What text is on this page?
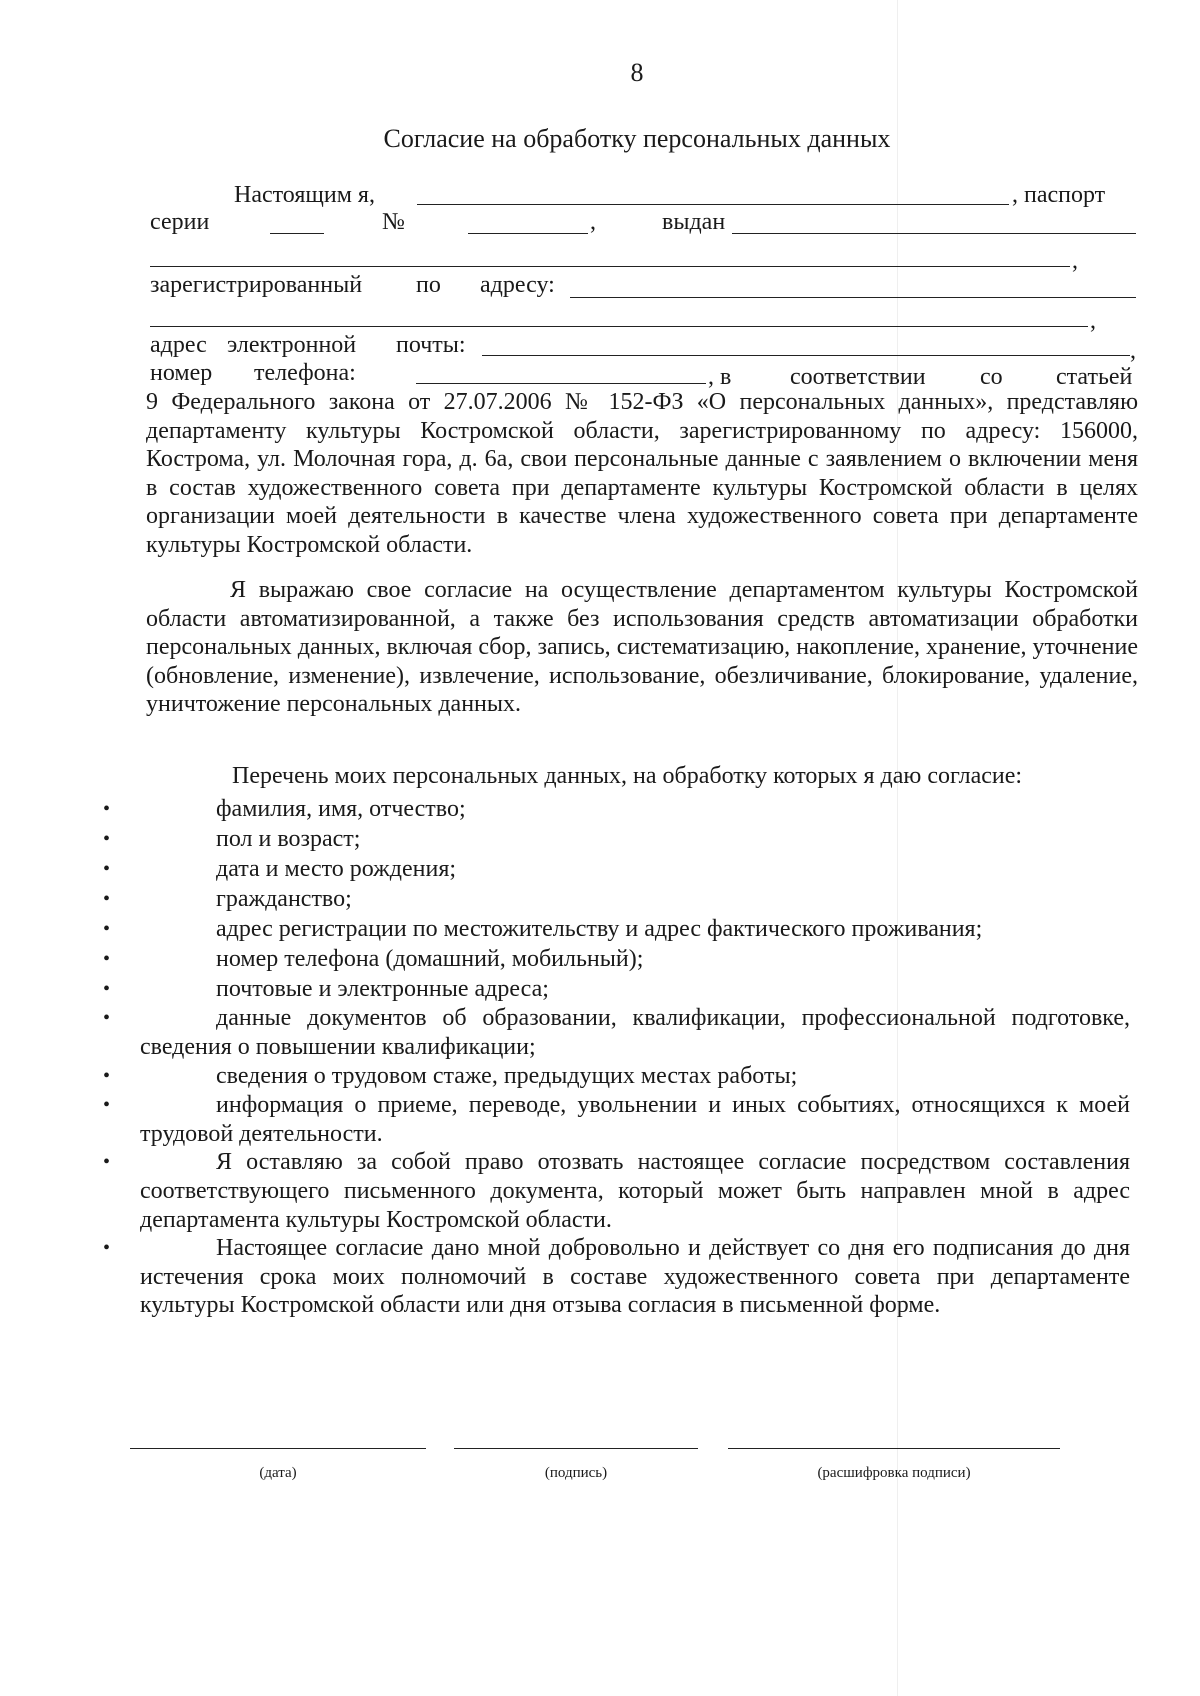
8
Согласие на обработку персональных данных
Настоящим я,	, паспорт
серии	№	,	выдан
,
зарегистрированный по адресу:
,
адрес электронной почты:	,
номер телефона:	, в соответствии со статьей
9 Федерального закона от 27.07.2006 № 152-ФЗ «О персональных данных», представляю департаменту культуры Костромской области, зарегистрированному по адресу: 156000, Кострома, ул. Молочная гора, д. 6а, свои персональные данные с заявлением о включении меня в состав художественного совета при департаменте культуры Костромской области в целях организации моей деятельности в качестве члена художественного совета при департаменте культуры Костромской области.
Я выражаю свое согласие на осуществление департаментом культуры Костромской области автоматизированной, а также без использования средств автоматизации обработки персональных данных, включая сбор, запись, систематизацию, накопление, хранение, уточнение (обновление, изменение), извлечение, использование, обезличивание, блокирование, удаление, уничтожение персональных данных.
Перечень моих персональных данных, на обработку которых я даю согласие:
•	фамилия, имя, отчество;
•	пол и возраст;
•	дата и место рождения;
•	гражданство;
•	адрес регистрации по местожительству и адрес фактического проживания;
•	номер телефона (домашний, мобильный);
•	почтовые и электронные адреса;
•	данные документов об образовании, квалификации, профессиональной подготовке, сведения о повышении квалификации;
•	сведения о трудовом стаже, предыдущих местах работы;
•	информация о приеме, переводе, увольнении и иных событиях, относящихся к моей трудовой деятельности.
•	Я оставляю за собой право отозвать настоящее согласие посредством составления соответствующего письменного документа, который может быть направлен мной в адрес департамента культуры Костромской области.
•	Настоящее согласие дано мной добровольно и действует со дня его подписания до дня истечения срока моих полномочий в составе художественного совета при департаменте культуры Костромской области или дня отзыва согласия в письменной форме.
(дата)	(подпись)	(расшифровка подписи)
